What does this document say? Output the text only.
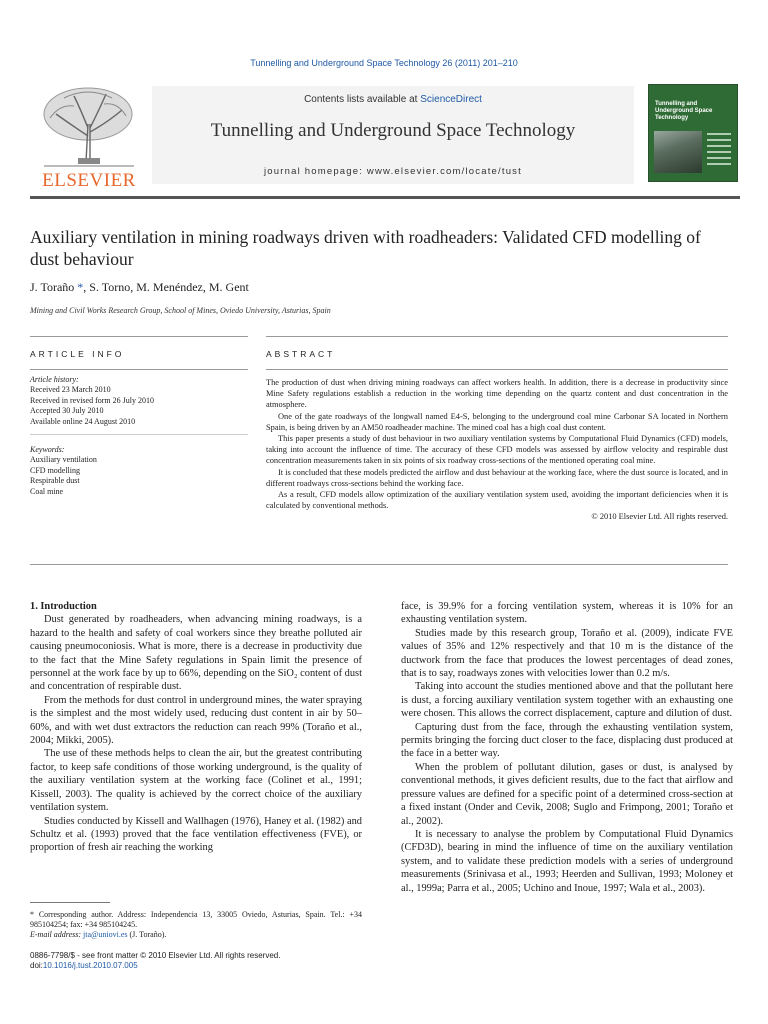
Tunnelling and Underground Space Technology 26 (2011) 201–210
ELSEVIER
Contents lists available at ScienceDirect
Tunnelling and Underground Space Technology
journal homepage: www.elsevier.com/locate/tust
Tunnelling and Underground Space Technology
Auxiliary ventilation in mining roadways driven with roadheaders: Validated CFD modelling of dust behaviour
J. Toraño *, S. Torno, M. Menéndez, M. Gent
Mining and Civil Works Research Group, School of Mines, Oviedo University, Asturias, Spain
ARTICLE INFO	ABSTRACT
Article history:
Received 23 March 2010
Received in revised form 26 July 2010
Accepted 30 July 2010
Available online 24 August 2010
Keywords:
Auxiliary ventilation
CFD modelling
Respirable dust
Coal mine

The production of dust when driving mining roadways can affect workers health. In addition, there is a decrease in productivity since Mine Safety regulations establish a reduction in the working time depending on the quartz content and dust concentration in the atmosphere.

One of the gate roadways of the longwall named E4-S, belonging to the underground coal mine Carbonar SA located in Northern Spain, is being driven by an AM50 roadheader machine. The mined coal has a high coal dust content.

This paper presents a study of dust behaviour in two auxiliary ventilation systems by Computational Fluid Dynamics (CFD) models, taking into account the influence of time. The accuracy of these CFD models was assessed by airflow velocity and respirable dust concentration measurements taken in six points of six roadway cross-sections of the mentioned operating coal mine.

It is concluded that these models predicted the airflow and dust behaviour at the working face, where the dust source is located, and in different roadways cross-sections behind the working face.

As a result, CFD models allow optimization of the auxiliary ventilation system used, avoiding the important deficiencies when it is calculated by conventional methods.

© 2010 Elsevier Ltd. All rights reserved.

1. Introduction

Dust generated by roadheaders, when advancing mining roadways, is a hazard to the health and safety of coal workers since they breathe polluted air causing pneumoconiosis. What is more, there is a decrease in productivity due to the fact that the Mine Safety regulations in Spain limit the presence of personnel at the work face by up to 66%, depending on the SiO₂ content of dust and concentration of respirable dust.

From the methods for dust control in underground mines, the water spraying is the simplest and the most widely used, reducing dust content in air by 50–60%, and with wet dust extractors the reduction can reach 99% (Toraño et al., 2004; Mikki, 2005).

The use of these methods helps to clean the air, but the greatest contributing factor, to keep safe conditions of those working underground, is the quality of the auxiliary ventilation system at the working face (Colinet et al., 1991; Kissell, 2003). The quality is achieved by the correct choice of the auxiliary ventilation system.

Studies conducted by Kissell and Wallhagen (1976), Haney et al. (1982) and Schultz et al. (1993) proved that the face ventilation effectiveness (FVE), or proportion of fresh air reaching the working

face, is 39.9% for a forcing ventilation system, whereas it is 10% for an exhausting ventilation system.

Studies made by this research group, Toraño et al. (2009), indicate FVE values of 35% and 12% respectively and that 10 m is the distance of the ductwork from the face that produces the lowest percentages of dead zones, that is to say, roadways zones with velocities lower than 0.2 m/s.

Taking into account the studies mentioned above and that the pollutant here is dust, a forcing auxiliary ventilation system together with an exhausting one were chosen. This allows the correct displacement, capture and dilution of dust.

Capturing dust from the face, through the exhausting ventilation system, permits bringing the forcing duct closer to the face, displacing dust produced at the face in a better way.

When the problem of pollutant dilution, gases or dust, is analysed by conventional methods, it gives deficient results, due to the fact that airflow and pressure values are defined for a specific point of a determined cross-section at a fixed instant (Onder and Cevik, 2008; Suglo and Frimpong, 2001; Toraño et al., 2002).

It is necessary to analyse the problem by Computational Fluid Dynamics (CFD3D), bearing in mind the influence of time on the auxiliary ventilation system, and to validate these prediction models with a series of underground measurements (Srinivasa et al., 1993; Heerden and Sullivan, 1993; Moloney et al., 1999a; Parra et al., 2005; Uchino and Inoue, 1997; Wala et al., 2003).

* Corresponding author. Address: Independencia 13, 33005 Oviedo, Asturias, Spain. Tel.: +34 985104254; fax: +34 985104245.
E-mail address: jta@uniovi.es (J. Toraño).
0886-7798/$ - see front matter © 2010 Elsevier Ltd. All rights reserved.
doi:10.1016/j.tust.2010.07.005
